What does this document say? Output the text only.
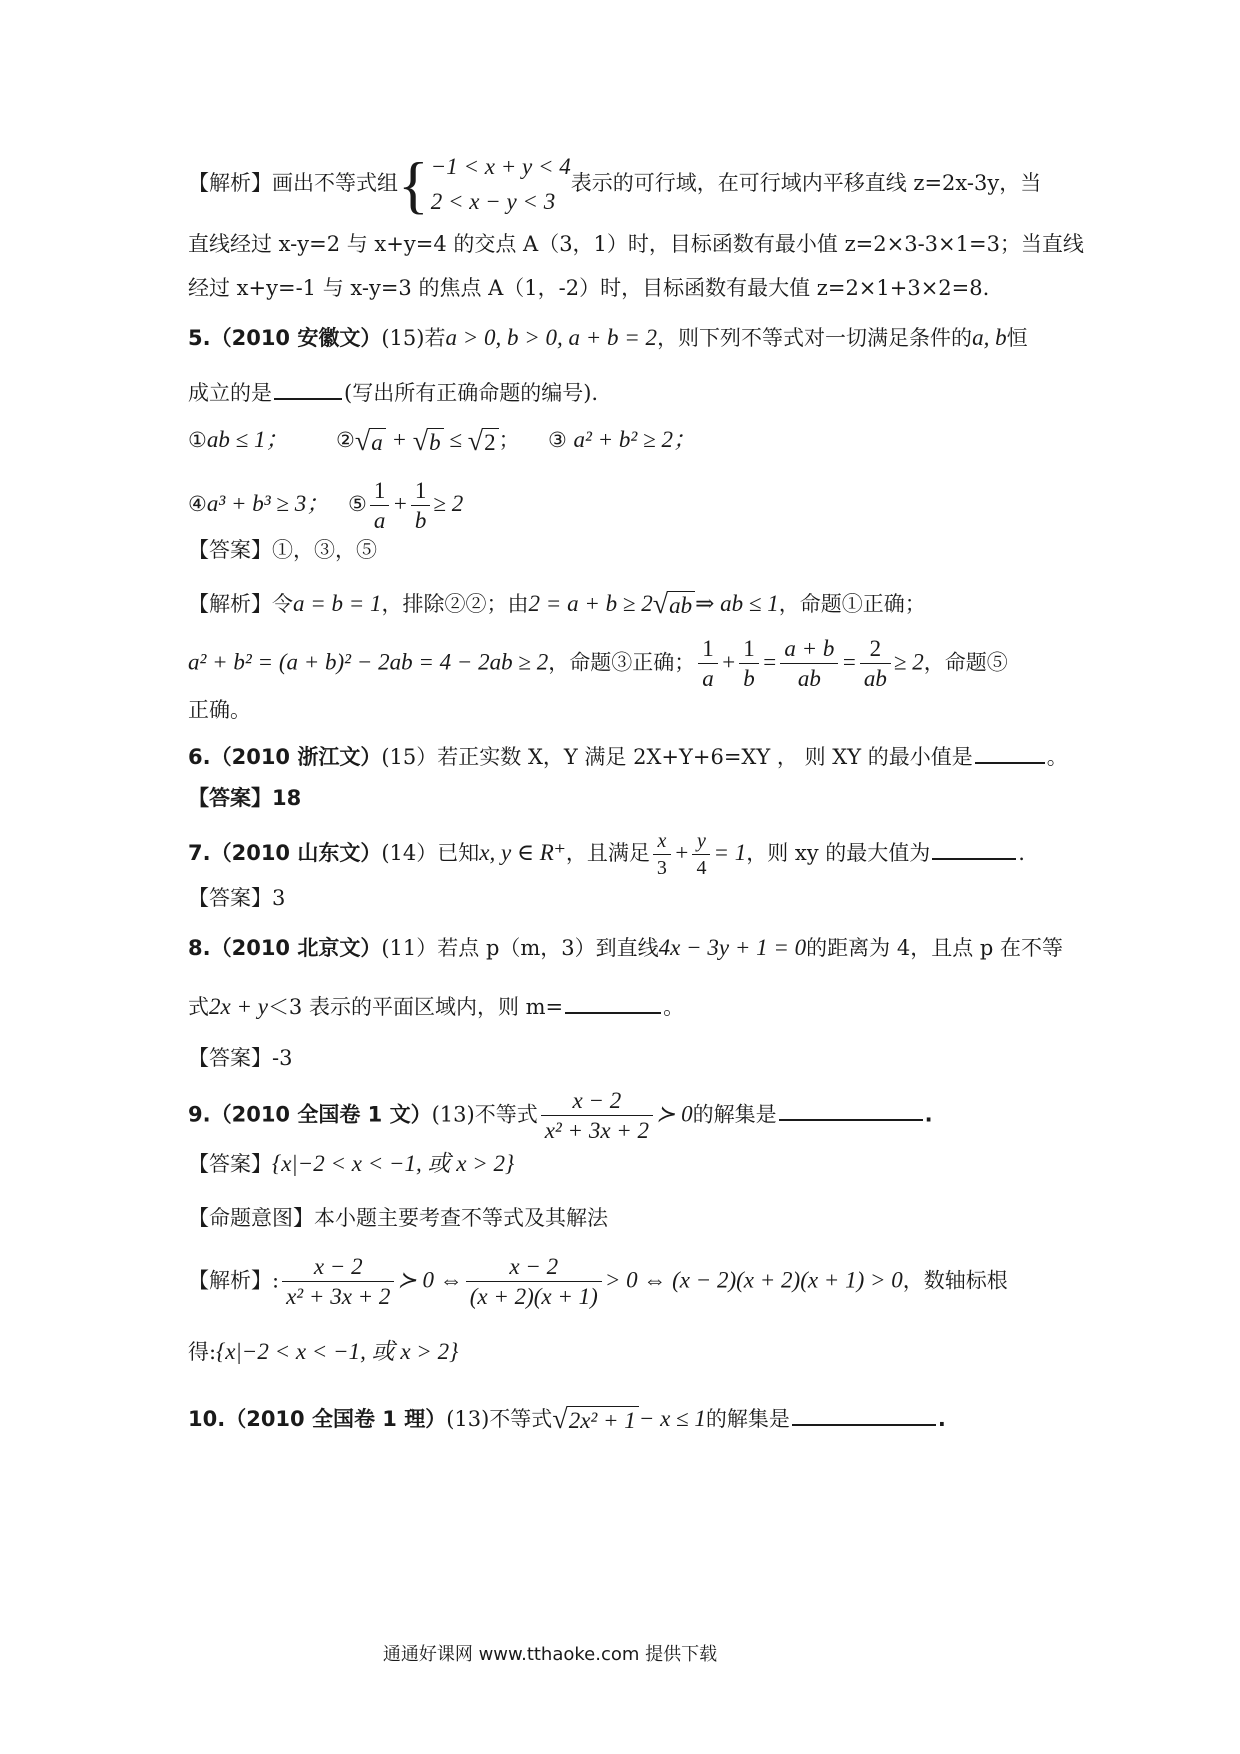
【解析】画出不等式组 { −1 < x + y < 4
2 < x − y < 3
表示的可行域，在可行域内平移直线 z=2x-3y，当
直线经过 x-y=2 与 x+y=4 的交点 A（3，1）时，目标函数有最小值 z=2×3-3×1=3；当直线
经过 x+y=-1 与 x-y=3 的焦点 A（1，-2）时，目标函数有最大值 z=2×1+3×2=8.
5.（2010 安徽文）(15)若a > 0, b > 0, a + b = 2，则下列不等式对一切满足条件的a, b恒
成立的是	(写出所有正确命题的编号).
①ab ≤ 1； ② √ a + √ b ≤ √ 2 ； ③ a² + b² ≥ 2；
④a³ + b³ ≥ 3； ⑤ $\frac{1}{a} + \frac{1}{b} \ge 2$
【答案】①，③，⑤
【解析】令a = b = 1，排除②②；由2 = a + b ≥ 2 √ ab ⇒ ab ≤ 1，命题①正确；
a² + b² = (a + b)² − 2ab = 4 − 2ab ≥ 2，命题③正确； $\frac{1}{a} + \frac{1}{b} = \frac{a + b}{ab} = \frac{2}{ab} \ge 2$，命题⑤
正确。
6.（2010 浙江文）(15）若正实数 X，Y 满足 2X+Y+6=XY ， 则 XY 的最小值是	。
【答案】18
7.（2010 山东文）(14）已知x, y ∈ R⁺，且满足 $\frac{x}{3} + \frac{y}{4} = 1$，则 xy 的最大值为	.
【答案】3
8.（2010 北京文）(11）若点 p（m，3）到直线4x − 3y + 1 = 0的距离为 4，且点 p 在不等
式2x + y＜3 表示的平面区域内，则 m=	。
【答案】-3
9.（2010 全国卷 1 文）(13)不等式 $\frac{x - 2}{\text{x² + 3x + 2}}$ ≻ 0的解集是	.
【答案】{x|−2 < x < −1, 或 x > 2}
【命题意图】本小题主要考查不等式及其解法
【解析】: $\frac{x - 2}{\text{x² + 3x + 2}}$ ≻ 0 ⇔ $\frac{x - 2}{(x + 2)(x + 1)} > 0$ ⇔ (x − 2)(x + 2)(x + 1) > 0，数轴标根
得:{x|−2 < x < −1, 或 x > 2}
10.（2010 全国卷 1 理）(13)不等式 √ 2x² + 1 − x ≤ 1的解集是	.
通通好课网 www.tthaoke.com 提供下载
